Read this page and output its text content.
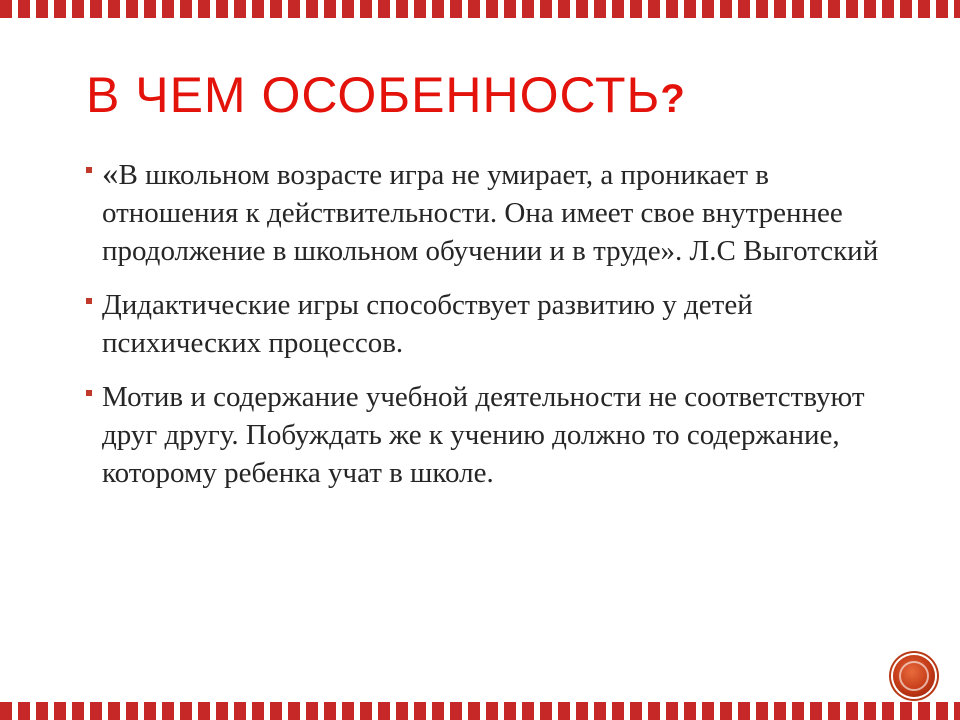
В ЧЕМ ОСОБЕННОСТЬ?
«В школьном возрасте игра не умирает, а проникает в отношения к действительности. Она имеет свое внутреннее продолжение в школьном обучении и в труде». Л.С Выготский
Дидактические игры способствует развитию у детей психических процессов.
Мотив и содержание учебной деятельности не соответствуют друг другу. Побуждать же к учению должно то содержание, которому ребенка учат в школе.
